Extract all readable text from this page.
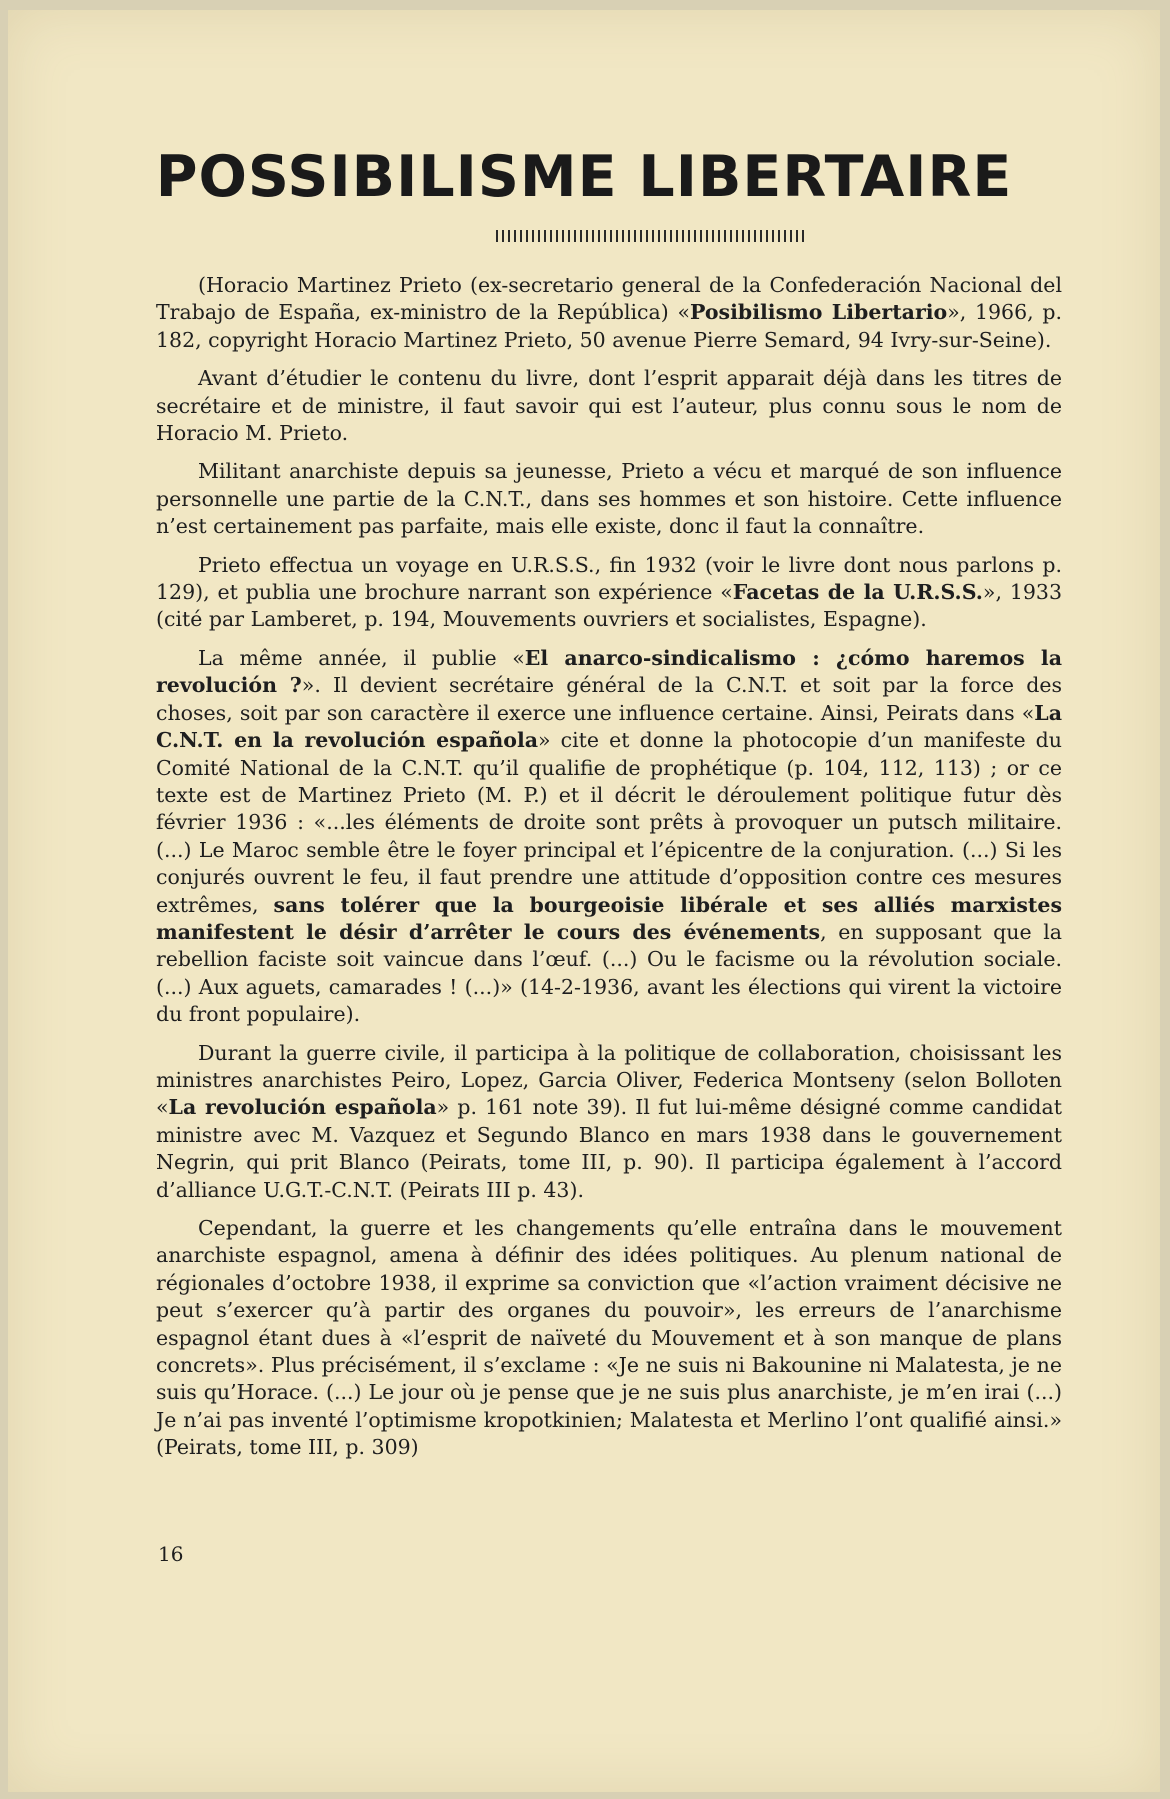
POSSIBILISME LIBERTAIRE

(Horacio Martinez Prieto (ex-secretario general de la Confederación Nacional del Trabajo de España, ex-ministro de la República) «Posibilismo Libertario», 1966, p. 182, copyright Horacio Martinez Prieto, 50 avenue Pierre Semard, 94 Ivry-sur-Seine).

Avant d’étudier le contenu du livre, dont l’esprit apparait déjà dans les titres de secrétaire et de ministre, il faut savoir qui est l’auteur, plus connu sous le nom de Horacio M. Prieto.

Militant anarchiste depuis sa jeunesse, Prieto a vécu et marqué de son influence personnelle une partie de la C.N.T., dans ses hommes et son histoire. Cette influence n’est certainement pas parfaite, mais elle existe, donc il faut la connaître.

Prieto effectua un voyage en U.R.S.S., fin 1932 (voir le livre dont nous parlons p. 129), et publia une brochure narrant son expérience «Facetas de la U.R.S.S.», 1933 (cité par Lamberet, p. 194, Mouvements ouvriers et socialistes, Espagne).

La même année, il publie «El anarco-sindicalismo : ¿cómo haremos la revolución ?». Il devient secrétaire général de la C.N.T. et soit par la force des choses, soit par son caractère il exerce une influence certaine. Ainsi, Peirats dans «La C.N.T. en la revolución española» cite et donne la photocopie d’un manifeste du Comité National de la C.N.T. qu’il qualifie de prophétique (p. 104, 112, 113) ; or ce texte est de Martinez Prieto (M. P.) et il décrit le déroulement politique futur dès février 1936 : «...les éléments de droite sont prêts à provoquer un putsch militaire. (...) Le Maroc semble être le foyer principal et l’épicentre de la conjuration. (...) Si les conjurés ouvrent le feu, il faut prendre une attitude d’opposition contre ces mesures extrêmes, sans tolérer que la bourgeoisie libérale et ses alliés marxistes manifestent le désir d’arrêter le cours des événements, en supposant que la rebellion faciste soit vaincue dans l’œuf. (...) Ou le facisme ou la révolution sociale. (...) Aux aguets, camarades ! (...)» (14-2-1936, avant les élections qui virent la victoire du front populaire).

Durant la guerre civile, il participa à la politique de collaboration, choisissant les ministres anarchistes Peiro, Lopez, Garcia Oliver, Federica Montseny (selon Bolloten «La revolución española» p. 161 note 39). Il fut lui-même désigné comme candidat ministre avec M. Vazquez et Segundo Blanco en mars 1938 dans le gouvernement Negrin, qui prit Blanco (Peirats, tome III, p. 90). Il participa également à l’accord d’alliance U.G.T.-C.N.T. (Peirats III p. 43).

Cependant, la guerre et les changements qu’elle entraîna dans le mouvement anarchiste espagnol, amena à définir des idées politiques. Au plenum national de régionales d’octobre 1938, il exprime sa conviction que «l’action vraiment décisive ne peut s’exercer qu’à partir des organes du pouvoir», les erreurs de l’anarchisme espagnol étant dues à «l’esprit de naïveté du Mouvement et à son manque de plans concrets». Plus précisément, il s’exclame : «Je ne suis ni Bakounine ni Malatesta, je ne suis qu’Horace. (...) Le jour où je pense que je ne suis plus anarchiste, je m’en irai (...) Je n’ai pas inventé l’optimisme kropotkinien; Malatesta et Merlino l’ont qualifié ainsi.» (Peirats, tome III, p. 309)

16
